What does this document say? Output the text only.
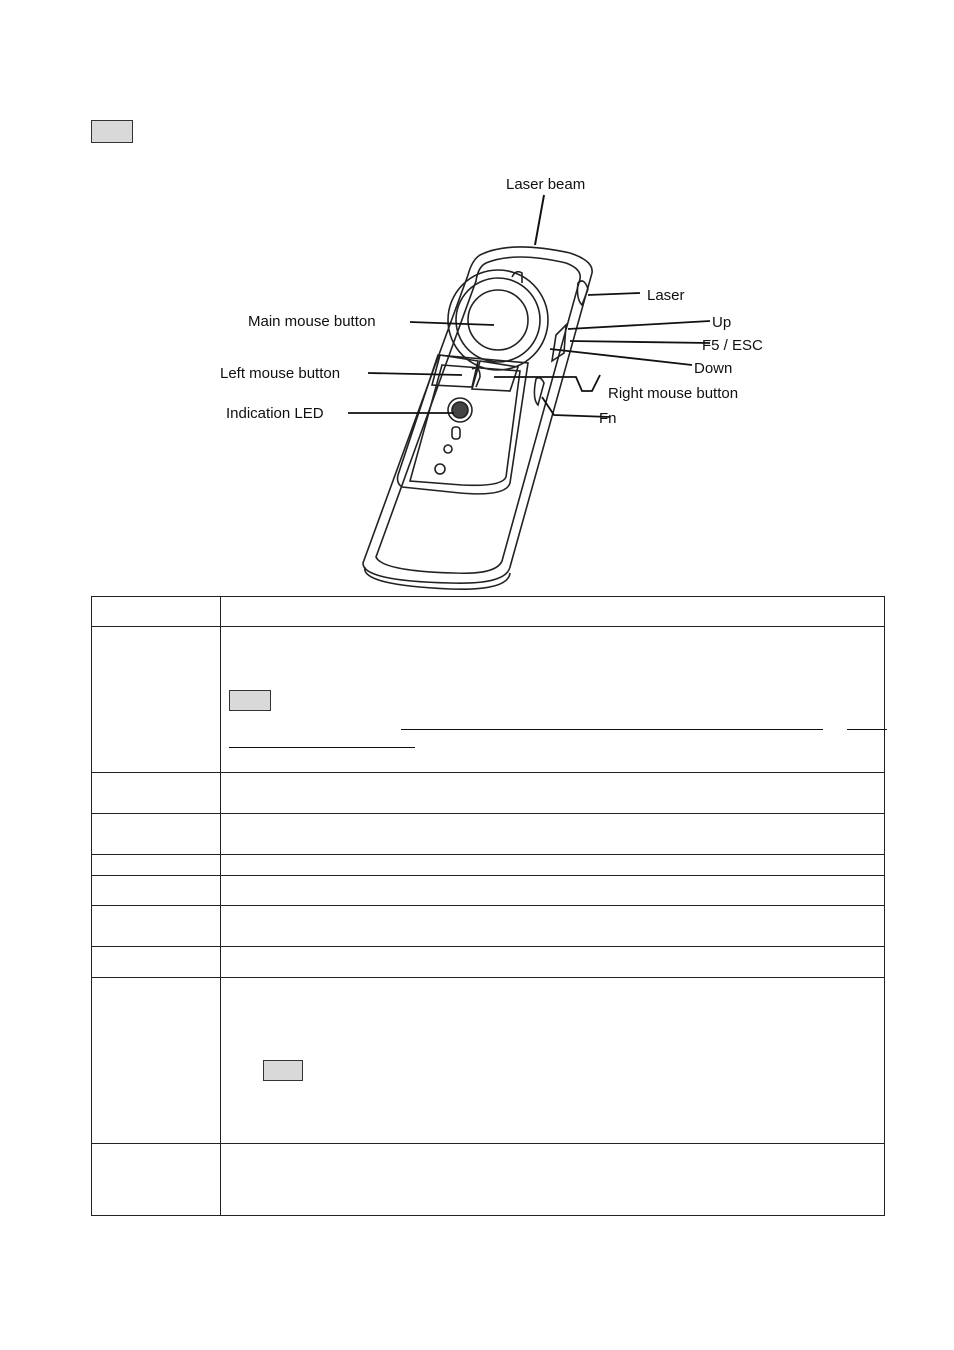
Laser beam
Laser
Up
F5 / ESC
Down
Right mouse button
Fn
Main mouse button
Left mouse button
Indication LED
